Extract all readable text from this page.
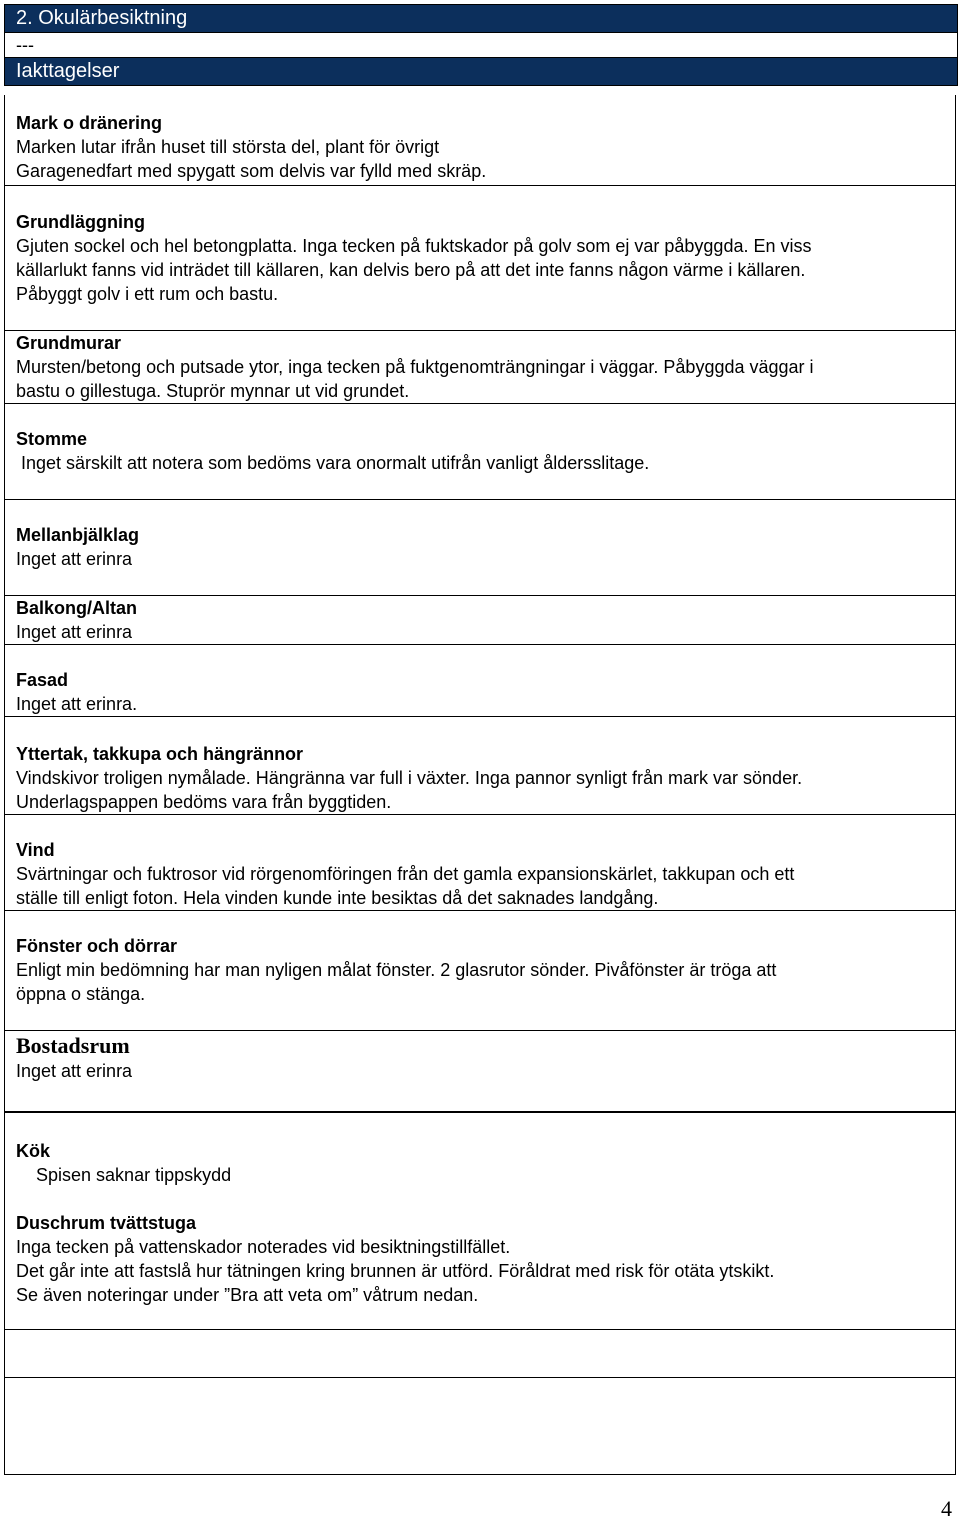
2. Okulärbesiktning
---
Iakttagelser
Mark o dränering
Marken lutar ifrån huset till största del, plant för övrigt
Garagenedfart med spygatt som delvis var fylld med skräp.
Grundläggning
Gjuten sockel och hel betongplatta. Inga tecken på fuktskador på golv som ej var påbyggda. En viss
källarlukt fanns vid inträdet till källaren, kan delvis bero på att det inte fanns någon värme i källaren.
Påbyggt golv i ett rum och bastu.
Grundmurar
Mursten/betong och putsade ytor, inga tecken på fuktgenomträngningar i väggar. Påbyggda väggar i
bastu o gillestuga. Stuprör mynnar ut vid grundet.
Stomme
Inget särskilt att notera som bedöms vara onormalt utifrån vanligt åldersslitage.
Mellanbjälklag
Inget att erinra
Balkong/Altan
Inget att erinra
Fasad
Inget att erinra.
Yttertak, takkupa och hängrännor
Vindskivor troligen nymålade. Hängränna var full i växter. Inga pannor synligt från mark var sönder.
Underlagspappen bedöms vara från byggtiden.
Vind
Svärtningar och fuktrosor vid rörgenomföringen från det gamla expansionskärlet, takkupan och ett
ställe till enligt foton. Hela vinden kunde inte besiktas då det saknades landgång.
Fönster och dörrar
Enligt min bedömning har man nyligen målat fönster. 2 glasrutor sönder. Pivåfönster är tröga att
öppna o stänga.
Bostadsrum
Inget att erinra
Kök
Spisen saknar tippskydd
Duschrum tvättstuga
Inga tecken på vattenskador noterades vid besiktningstillfället.
Det går inte att fastslå hur tätningen kring brunnen är utförd. Föråldrat med risk för otäta ytskikt.
Se även noteringar under ”Bra att veta om” våtrum nedan.
4
